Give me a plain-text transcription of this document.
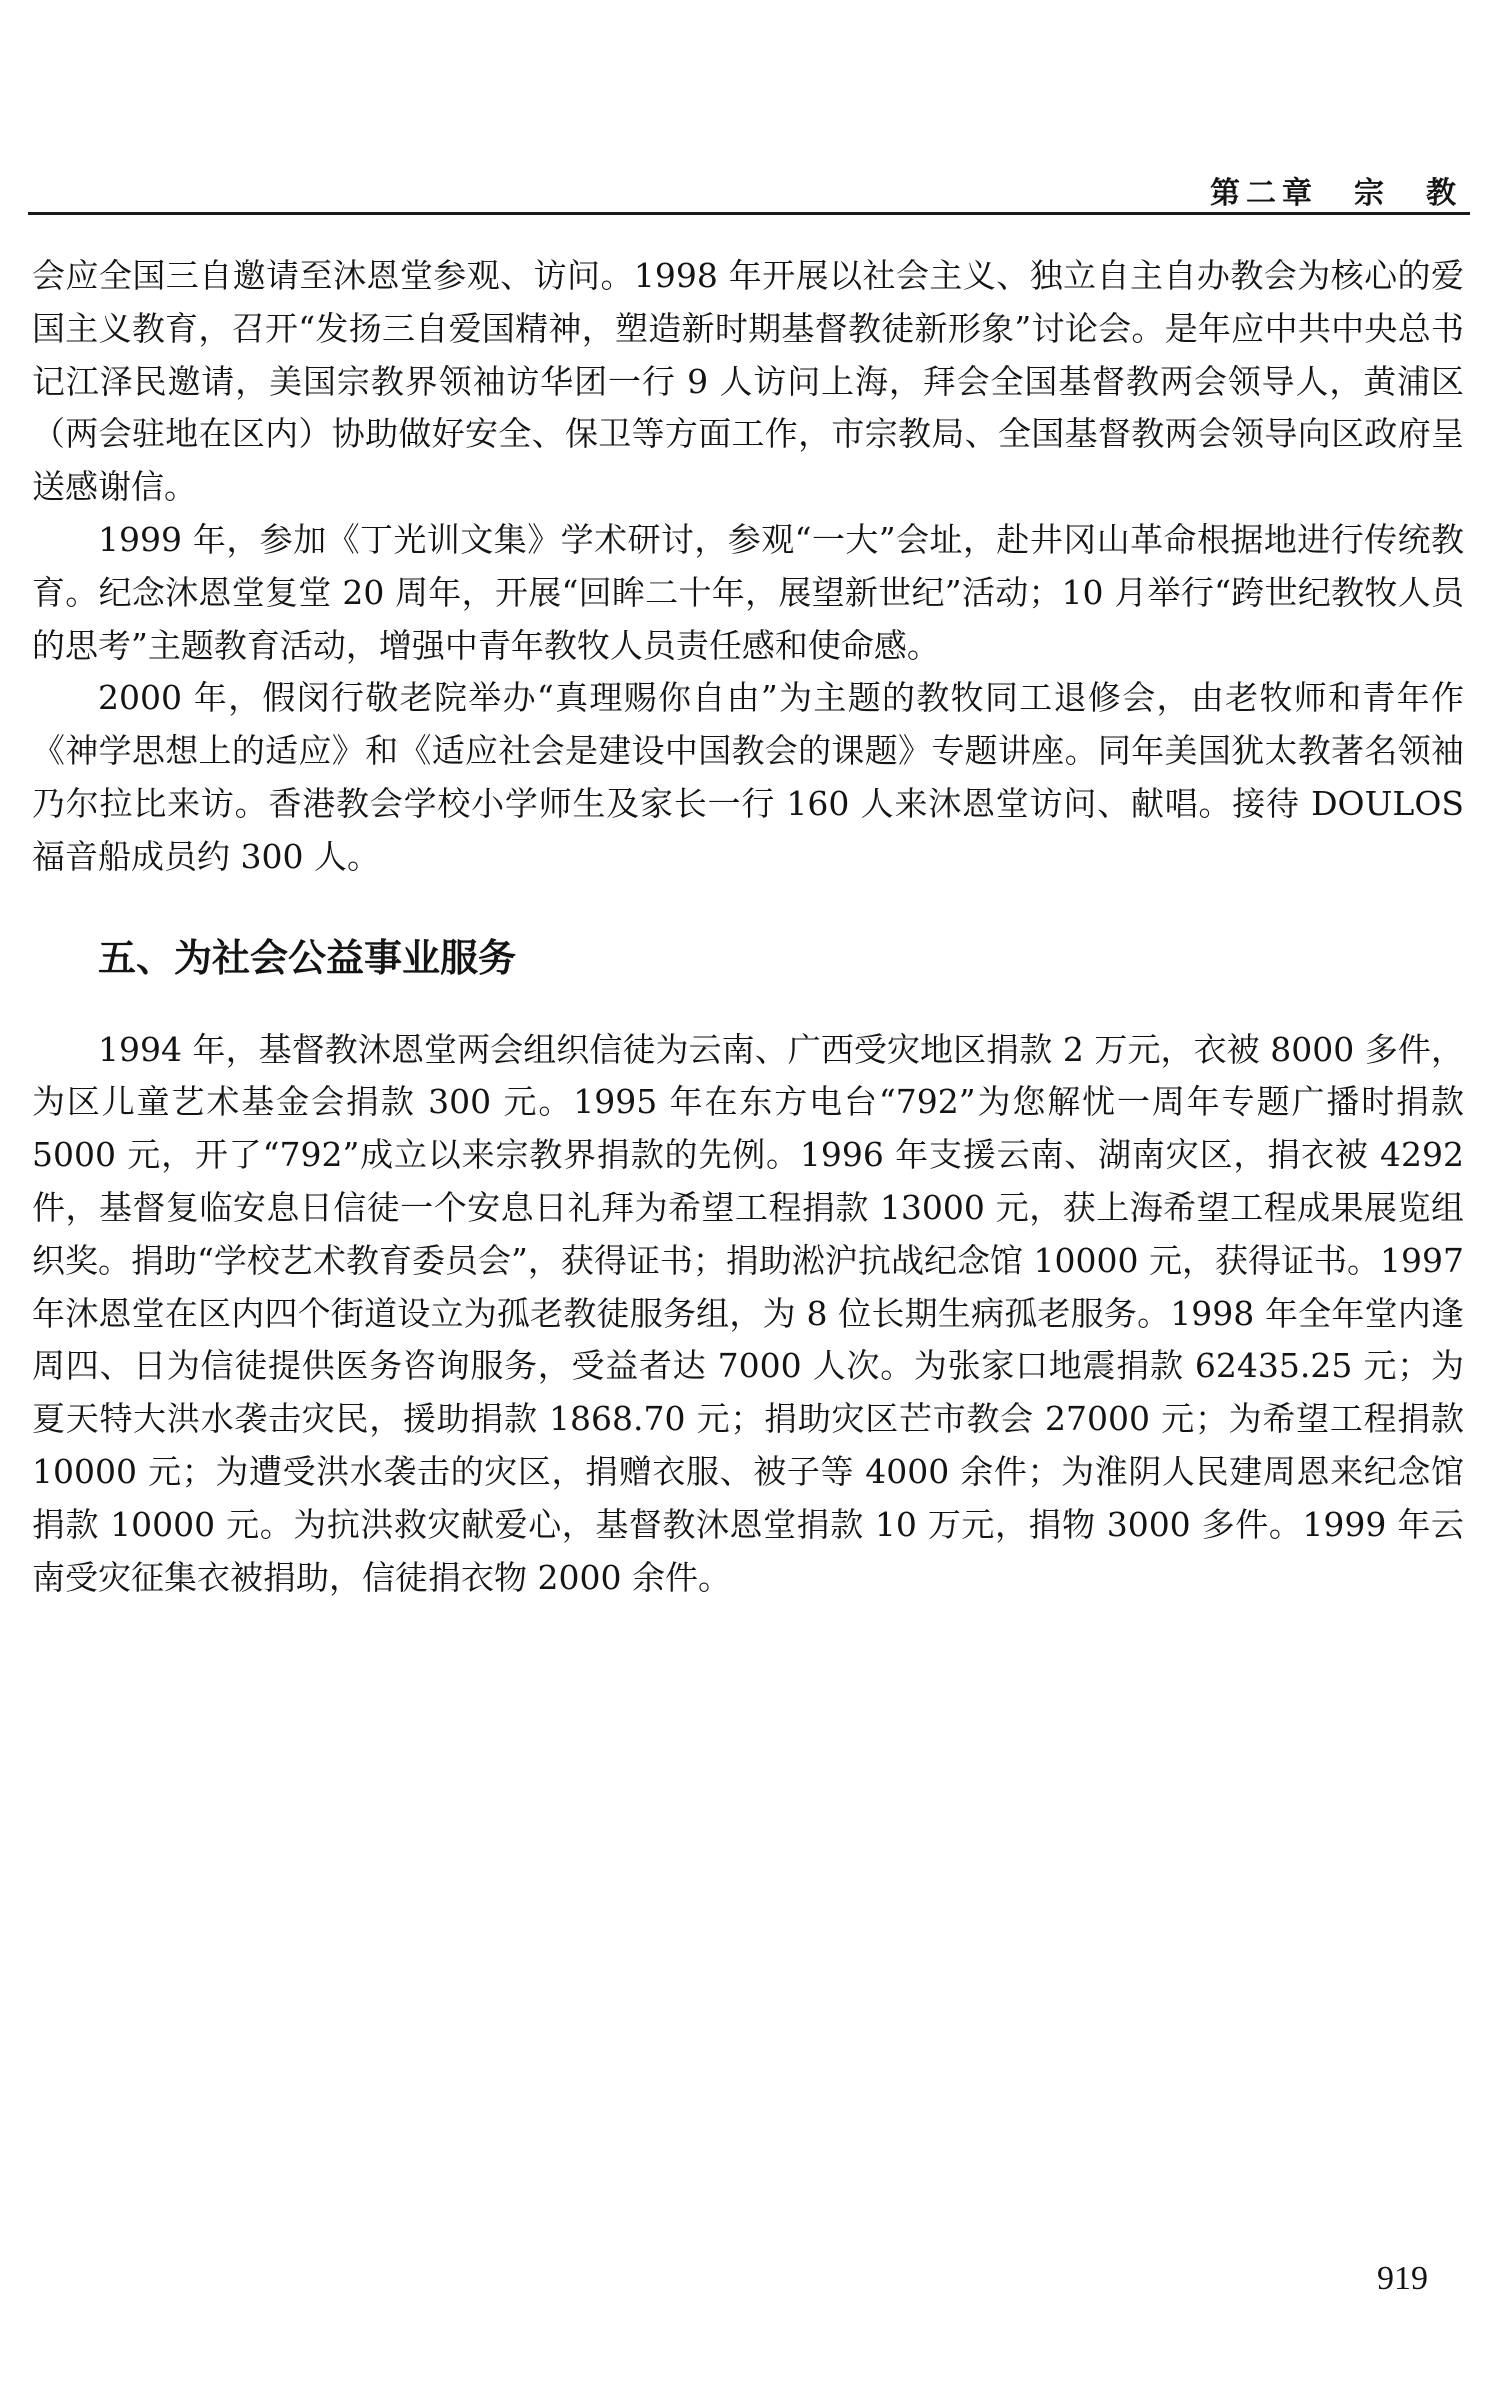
第二章　宗　教

会应全国三自邀请至沐恩堂参观、访问。1998 年开展以社会主义、独立自主自办教会为核心的爱国主义教育，召开“发扬三自爱国精神，塑造新时期基督教徒新形象”讨论会。是年应中共中央总书记江泽民邀请，美国宗教界领袖访华团一行 9 人访问上海，拜会全国基督教两会领导人，黄浦区（两会驻地在区内）协助做好安全、保卫等方面工作，市宗教局、全国基督教两会领导向区政府呈送感谢信。

1999 年，参加《丁光训文集》学术研讨，参观“一大”会址，赴井冈山革命根据地进行传统教育。纪念沐恩堂复堂 20 周年，开展“回眸二十年，展望新世纪”活动；10 月举行“跨世纪教牧人员的思考”主题教育活动，增强中青年教牧人员责任感和使命感。

2000 年，假闵行敬老院举办“真理赐你自由”为主题的教牧同工退修会，由老牧师和青年作《神学思想上的适应》和《适应社会是建设中国教会的课题》专题讲座。同年美国犹太教著名领袖乃尔拉比来访。香港教会学校小学师生及家长一行 160 人来沐恩堂访问、献唱。接待 DOULOS 福音船成员约 300 人。

五、为社会公益事业服务

1994 年，基督教沐恩堂两会组织信徒为云南、广西受灾地区捐款 2 万元，衣被 8000 多件，为区儿童艺术基金会捐款 300 元。1995 年在东方电台“792”为您解忧一周年专题广播时捐款 5000 元，开了“792”成立以来宗教界捐款的先例。1996 年支援云南、湖南灾区，捐衣被 4292 件，基督复临安息日信徒一个安息日礼拜为希望工程捐款 13000 元，获上海希望工程成果展览组织奖。捐助“学校艺术教育委员会”，获得证书；捐助淞沪抗战纪念馆 10000 元，获得证书。1997 年沐恩堂在区内四个街道设立为孤老教徒服务组，为 8 位长期生病孤老服务。1998 年全年堂内逢周四、日为信徒提供医务咨询服务，受益者达 7000 人次。为张家口地震捐款 62435.25 元；为夏天特大洪水袭击灾民，援助捐款 1868.70 元；捐助灾区芒市教会 27000 元；为希望工程捐款 10000 元；为遭受洪水袭击的灾区，捐赠衣服、被子等 4000 余件；为淮阴人民建周恩来纪念馆捐款 10000 元。为抗洪救灾献爱心，基督教沐恩堂捐款 10 万元，捐物 3000 多件。1999 年云南受灾征集衣被捐助，信徒捐衣物 2000 余件。

919
